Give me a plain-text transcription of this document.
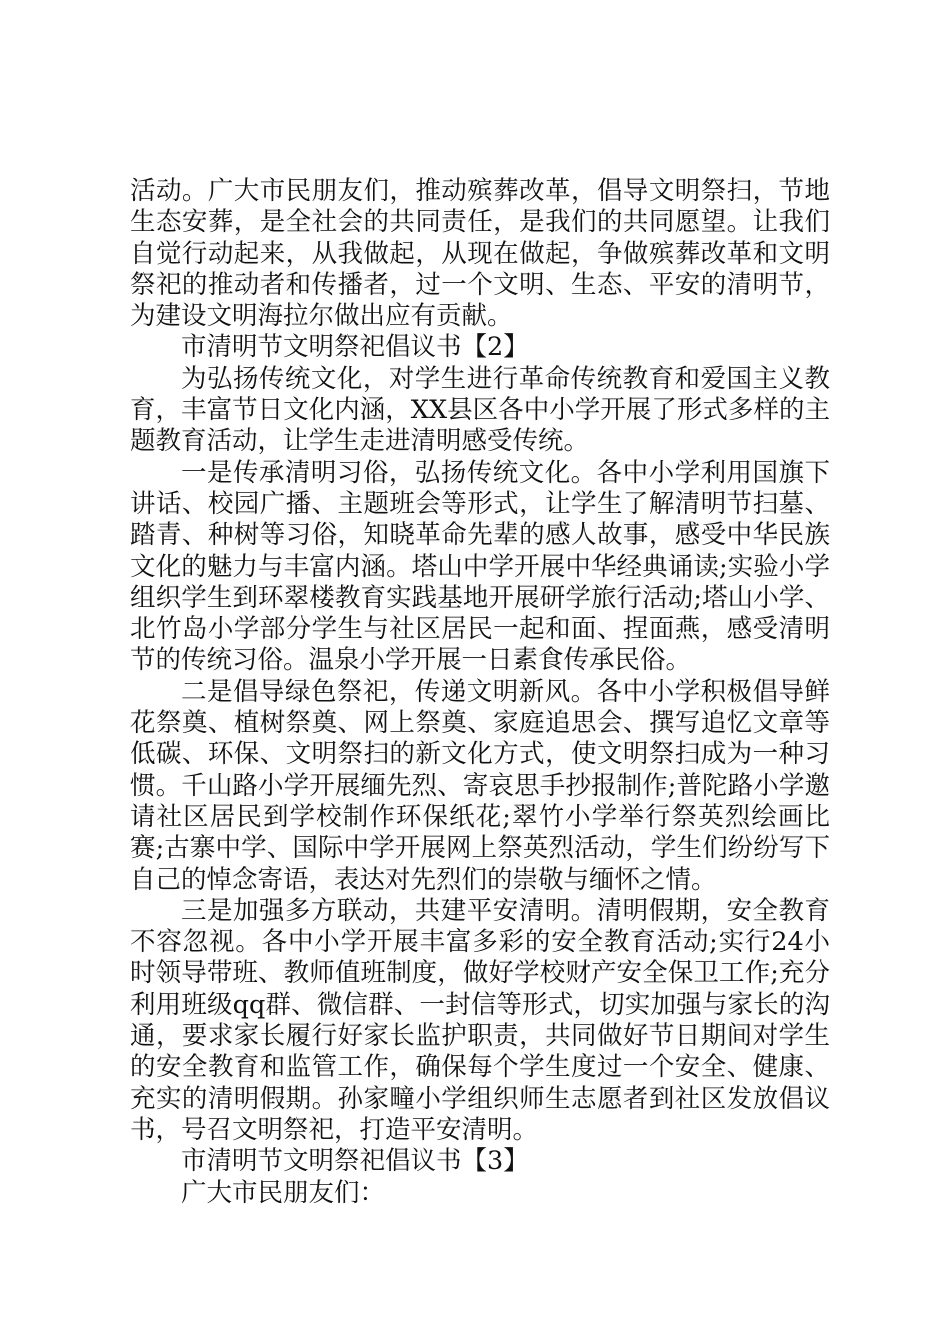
活动。广大市民朋友们，推动殡葬改革，倡导文明祭扫，节地生态安葬，是全社会的共同责任，是我们的共同愿望。让我们自觉行动起来，从我做起，从现在做起，争做殡葬改革和文明祭祀的推动者和传播者，过一个文明、生态、平安的清明节，为建设文明海拉尔做出应有贡献。

市清明节文明祭祀倡议书【2】

为弘扬传统文化，对学生进行革命传统教育和爱国主义教育，丰富节日文化内涵，XX县区各中小学开展了形式多样的主题教育活动，让学生走进清明感受传统。

一是传承清明习俗，弘扬传统文化。各中小学利用国旗下讲话、校园广播、主题班会等形式，让学生了解清明节扫墓、踏青、种树等习俗，知晓革命先辈的感人故事，感受中华民族文化的魅力与丰富内涵。塔山中学开展中华经典诵读;实验小学组织学生到环翠楼教育实践基地开展研学旅行活动;塔山小学、北竹岛小学部分学生与社区居民一起和面、捏面燕，感受清明节的传统习俗。温泉小学开展一日素食传承民俗。

二是倡导绿色祭祀，传递文明新风。各中小学积极倡导鲜花祭奠、植树祭奠、网上祭奠、家庭追思会、撰写追忆文章等低碳、环保、文明祭扫的新文化方式，使文明祭扫成为一种习惯。千山路小学开展缅先烈、寄哀思手抄报制作;普陀路小学邀请社区居民到学校制作环保纸花;翠竹小学举行祭英烈绘画比赛;古寨中学、国际中学开展网上祭英烈活动，学生们纷纷写下自己的悼念寄语，表达对先烈们的崇敬与缅怀之情。

三是加强多方联动，共建平安清明。清明假期，安全教育不容忽视。各中小学开展丰富多彩的安全教育活动;实行24小时领导带班、教师值班制度，做好学校财产安全保卫工作;充分利用班级qq群、微信群、一封信等形式，切实加强与家长的沟通，要求家长履行好家长监护职责，共同做好节日期间对学生的安全教育和监管工作，确保每个学生度过一个安全、健康、充实的清明假期。孙家疃小学组织师生志愿者到社区发放倡议书，号召文明祭祀，打造平安清明。

市清明节文明祭祀倡议书【3】

广大市民朋友们：
